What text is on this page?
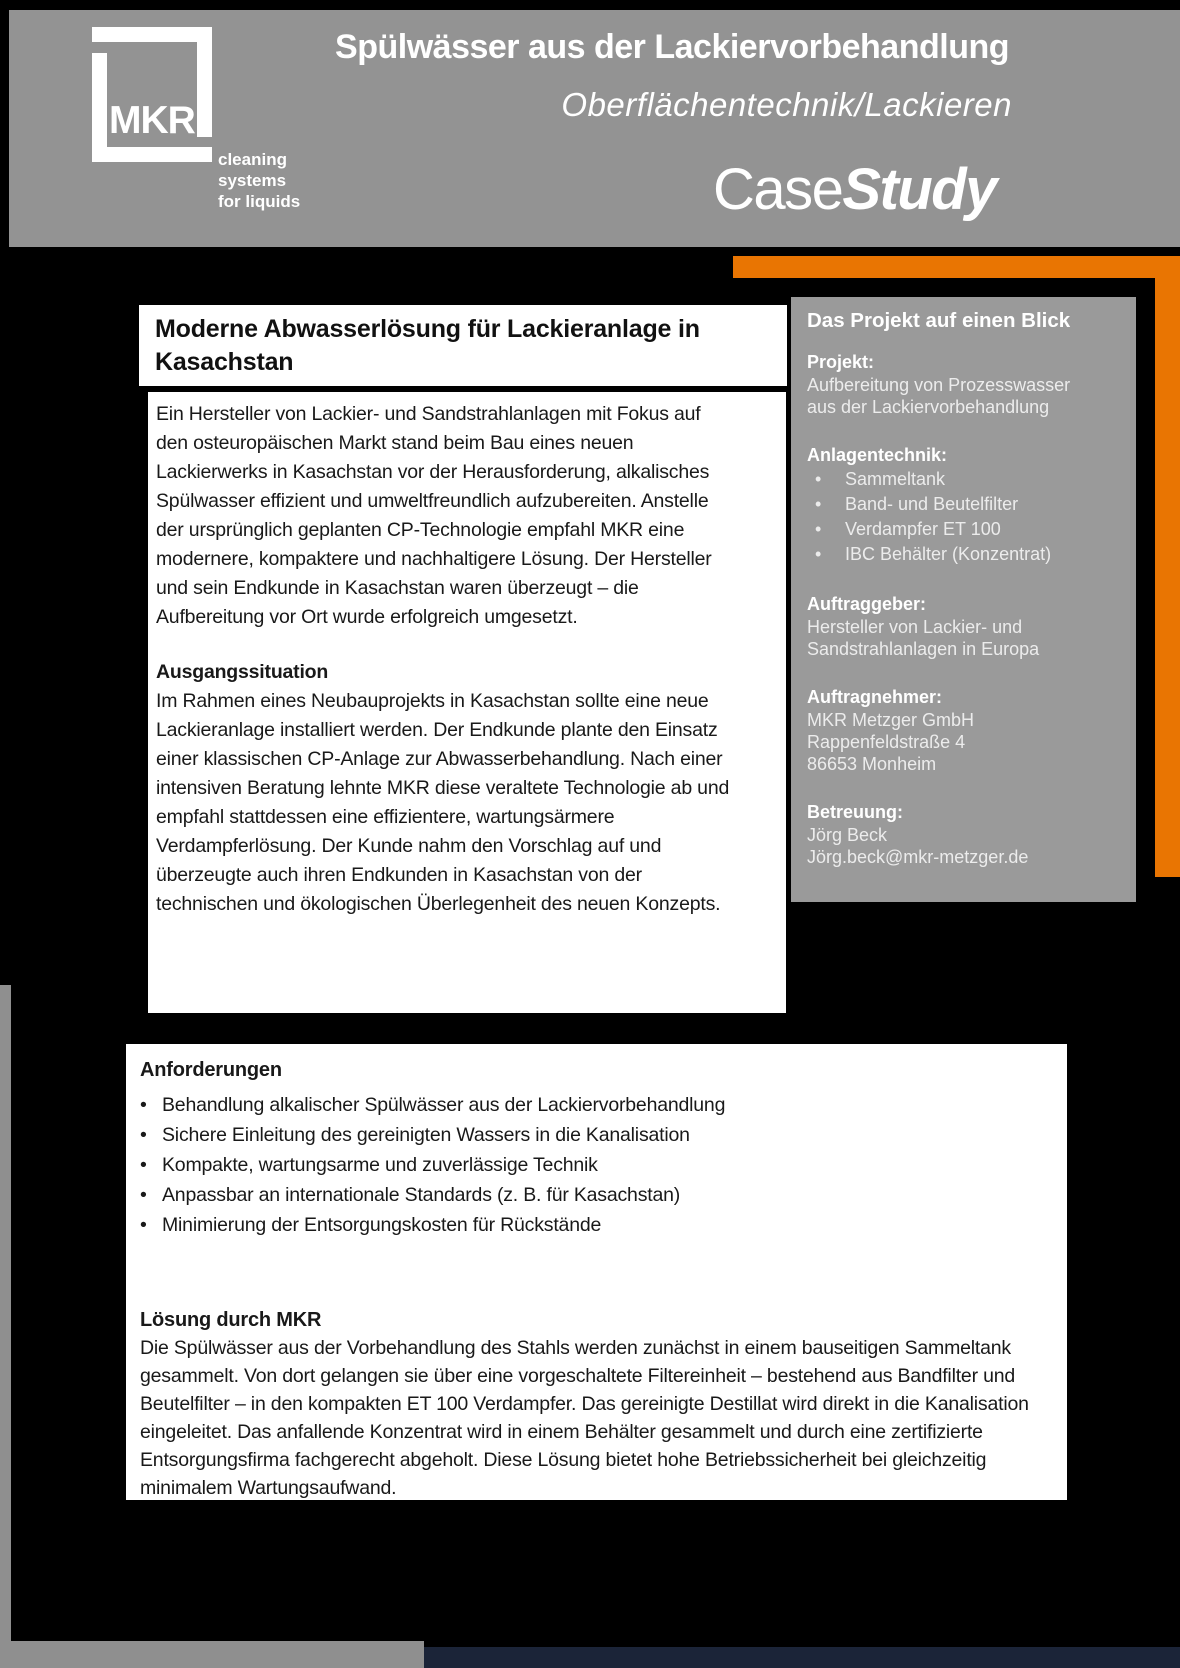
MKR
cleaning
systems
for liquids
Spülwässer aus der Lackiervorbehandlung
Oberflächentechnik/Lackieren
CaseStudy
Moderne Abwasserlösung für Lackieranlage in Kasachstan

Ein Hersteller von Lackier- und Sandstrahlanlagen mit Fokus auf den osteuropäischen Markt stand beim Bau eines neuen Lackierwerks in Kasachstan vor der Herausforderung, alkalisches Spülwasser effizient und umweltfreundlich aufzubereiten. Anstelle der ursprünglich geplanten CP-Technologie empfahl MKR eine modernere, kompaktere und nachhaltigere Lösung. Der Hersteller und sein Endkunde in Kasachstan waren überzeugt – die Aufbereitung vor Ort wurde erfolgreich umgesetzt.

Ausgangssituation

Im Rahmen eines Neubauprojekts in Kasachstan sollte eine neue Lackieranlage installiert werden. Der Endkunde plante den Einsatz einer klassischen CP-Anlage zur Abwasserbehandlung. Nach einer intensiven Beratung lehnte MKR diese veraltete Technologie ab und empfahl stattdessen eine effizientere, wartungsärmere Verdampferlösung. Der Kunde nahm den Vorschlag auf und überzeugte auch ihren Endkunden in Kasachstan von der technischen und ökologischen Überlegenheit des neuen Konzepts.

Das Projekt auf einen Blick
Projekt:
Aufbereitung von Prozesswasser aus der Lackiervorbehandlung
Anlagentechnik:
•	Sammeltank
•	Band- und Beutelfilter
•	Verdampfer ET 100
•	IBC Behälter (Konzentrat)
Auftraggeber:
Hersteller von Lackier- und Sandstrahlanlagen in Europa
Auftragnehmer:
MKR Metzger GmbH
Rappenfeldstraße 4
86653 Monheim
Betreuung:
Jörg Beck
Jörg.beck@mkr-metzger.de
Anforderungen
• Behandlung alkalischer Spülwässer aus der Lackiervorbehandlung
• Sichere Einleitung des gereinigten Wassers in die Kanalisation
• Kompakte, wartungsarme und zuverlässige Technik
• Anpassbar an internationale Standards (z. B. für Kasachstan)
• Minimierung der Entsorgungskosten für Rückstände
Lösung durch MKR

Die Spülwässer aus der Vorbehandlung des Stahls werden zunächst in einem bauseitigen Sammeltank gesammelt. Von dort gelangen sie über eine vorgeschaltete Filtereinheit – bestehend aus Bandfilter und Beutelfilter – in den kompakten ET 100 Verdampfer. Das gereinigte Destillat wird direkt in die Kanalisation eingeleitet. Das anfallende Konzentrat wird in einem Behälter gesammelt und durch eine zertifizierte Entsorgungsfirma fachgerecht abgeholt. Diese Lösung bietet hohe Betriebssicherheit bei gleichzeitig minimalem Wartungsaufwand.
